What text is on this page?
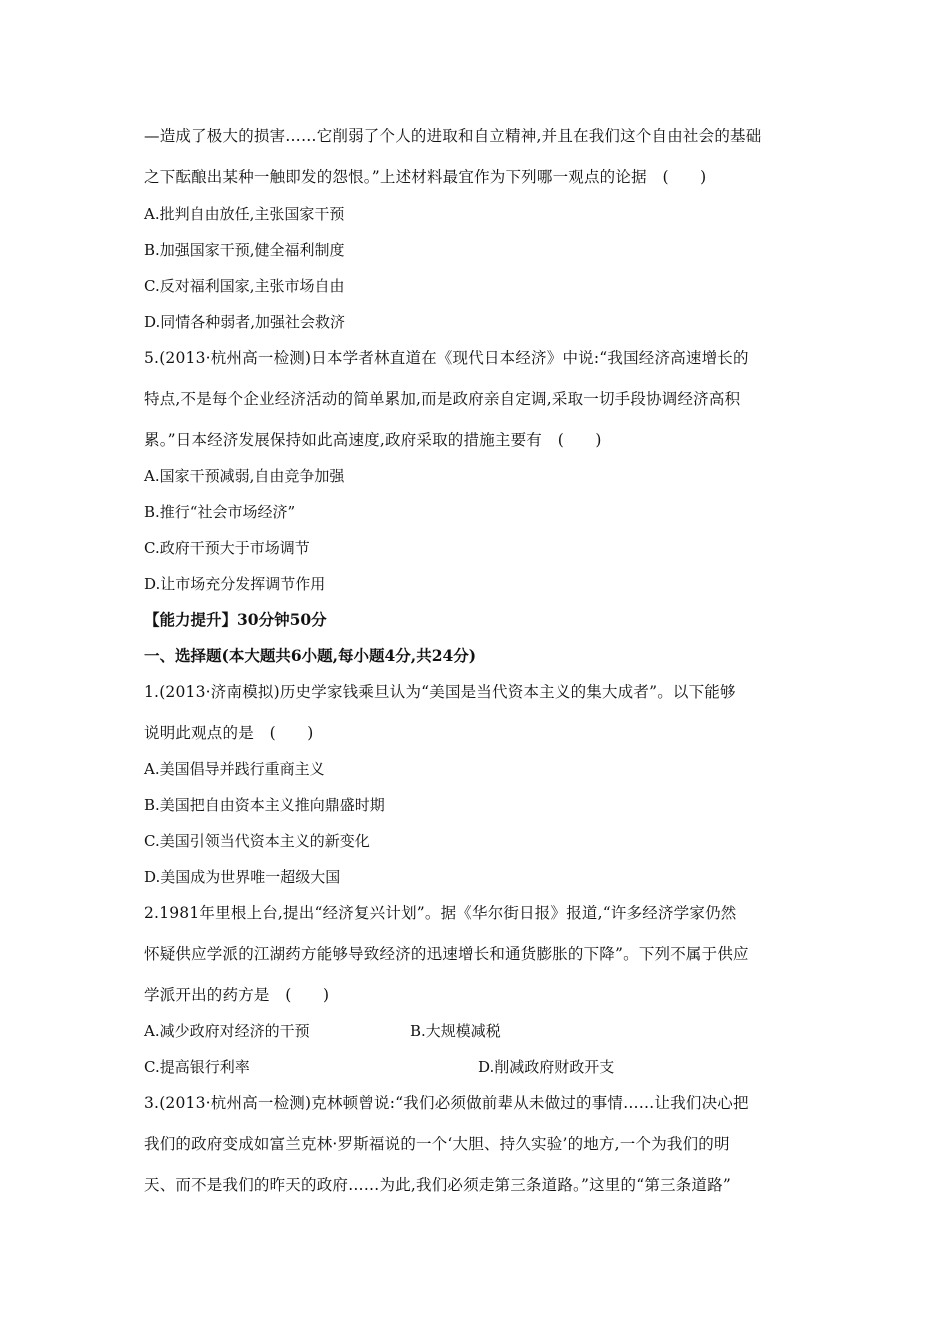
—造成了极大的损害……它削弱了个人的进取和自立精神,并且在我们这个自由社会的基础
之下酝酿出某种一触即发的怨恨。”上述材料最宜作为下列哪一观点的论据　(　　)
A.批判自由放任,主张国家干预
B.加强国家干预,健全福利制度
C.反对福利国家,主张市场自由
D.同情各种弱者,加强社会救济
5.(2013·杭州高一检测)日本学者林直道在《现代日本经济》中说:“我国经济高速增长的
特点,不是每个企业经济活动的简单累加,而是政府亲自定调,采取一切手段协调经济高积
累。”日本经济发展保持如此高速度,政府采取的措施主要有　(　　)
A.国家干预减弱,自由竞争加强
B.推行“社会市场经济”
C.政府干预大于市场调节
D.让市场充分发挥调节作用
【能力提升】30分钟50分
一、选择题(本大题共6小题,每小题4分,共24分)
1.(2013·济南模拟)历史学家钱乘旦认为“美国是当代资本主义的集大成者”。以下能够
说明此观点的是　(　　)
A.美国倡导并践行重商主义
B.美国把自由资本主义推向鼎盛时期
C.美国引领当代资本主义的新变化
D.美国成为世界唯一超级大国
2.1981年里根上台,提出“经济复兴计划”。据《华尔街日报》报道,“许多经济学家仍然
怀疑供应学派的江湖药方能够导致经济的迅速增长和通货膨胀的下降”。下列不属于供应
学派开出的药方是　(　　)
A.减少政府对经济的干预	B.大规模减税
C.提高银行利率	D.削减政府财政开支
3.(2013·杭州高一检测)克林顿曾说:“我们必须做前辈从未做过的事情……让我们决心把
我们的政府变成如富兰克林·罗斯福说的一个‘大胆、持久实验’的地方,一个为我们的明
天、而不是我们的昨天的政府……为此,我们必须走第三条道路。”这里的“第三条道路”
